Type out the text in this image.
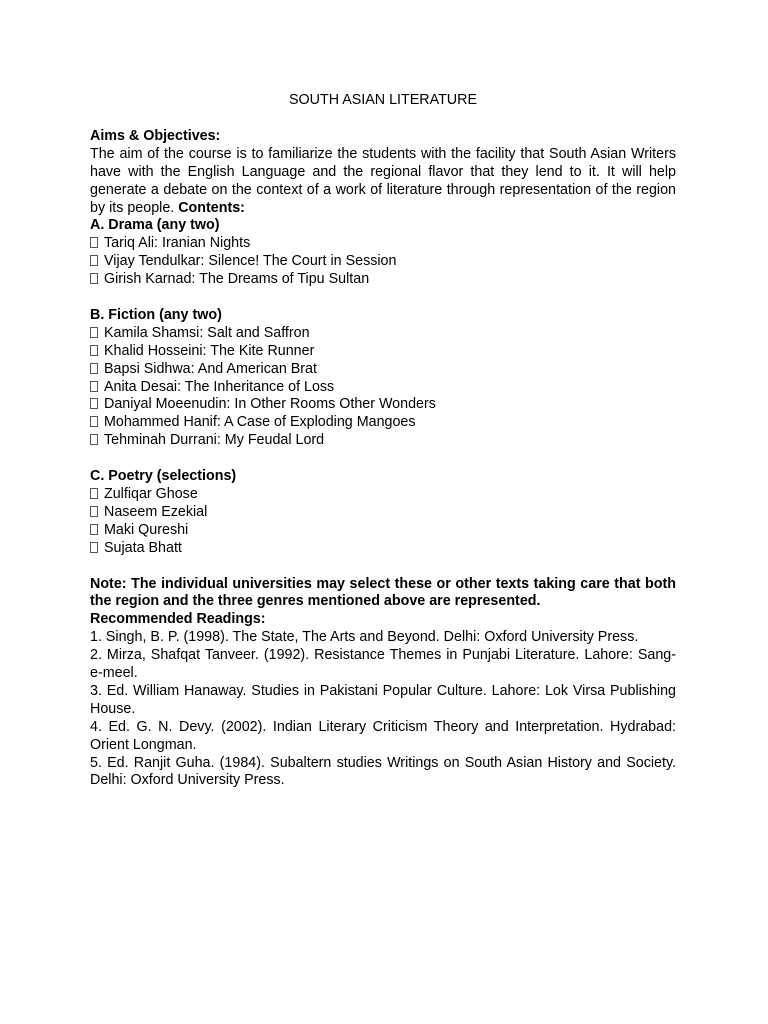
SOUTH ASIAN LITERATURE
Aims & Objectives:

The aim of the course is to familiarize the students with the facility that South Asian Writers have with the English Language and the regional flavor that they lend to it. It will help generate a debate on the context of a work of literature through representation of the region by its people. Contents:

A. Drama (any two)
Tariq Ali: Iranian Nights
Vijay Tendulkar: Silence! The Court in Session
Girish Karnad: The Dreams of Tipu Sultan
B. Fiction (any two)
Kamila Shamsi: Salt and Saffron
Khalid Hosseini: The Kite Runner
Bapsi Sidhwa: And American Brat
Anita Desai: The Inheritance of Loss
Daniyal Moeenudin: In Other Rooms Other Wonders
Mohammed Hanif: A Case of Exploding Mangoes
Tehminah Durrani: My Feudal Lord
C. Poetry (selections)
Zulfiqar Ghose
Naseem Ezekial
Maki Qureshi
Sujata Bhatt

Note: The individual universities may select these or other texts taking care that both the region and the three genres mentioned above are represented.

Recommended Readings:
1. Singh, B. P. (1998). The State, The Arts and Beyond. Delhi: Oxford University Press.
2. Mirza, Shafqat Tanveer. (1992). Resistance Themes in Punjabi Literature. Lahore: Sang-e-meel.
3. Ed. William Hanaway. Studies in Pakistani Popular Culture. Lahore: Lok Virsa Publishing House.
4. Ed. G. N. Devy. (2002). Indian Literary Criticism Theory and Interpretation. Hydrabad: Orient Longman.
5. Ed. Ranjit Guha. (1984). Subaltern studies Writings on South Asian History and Society. Delhi: Oxford University Press.
